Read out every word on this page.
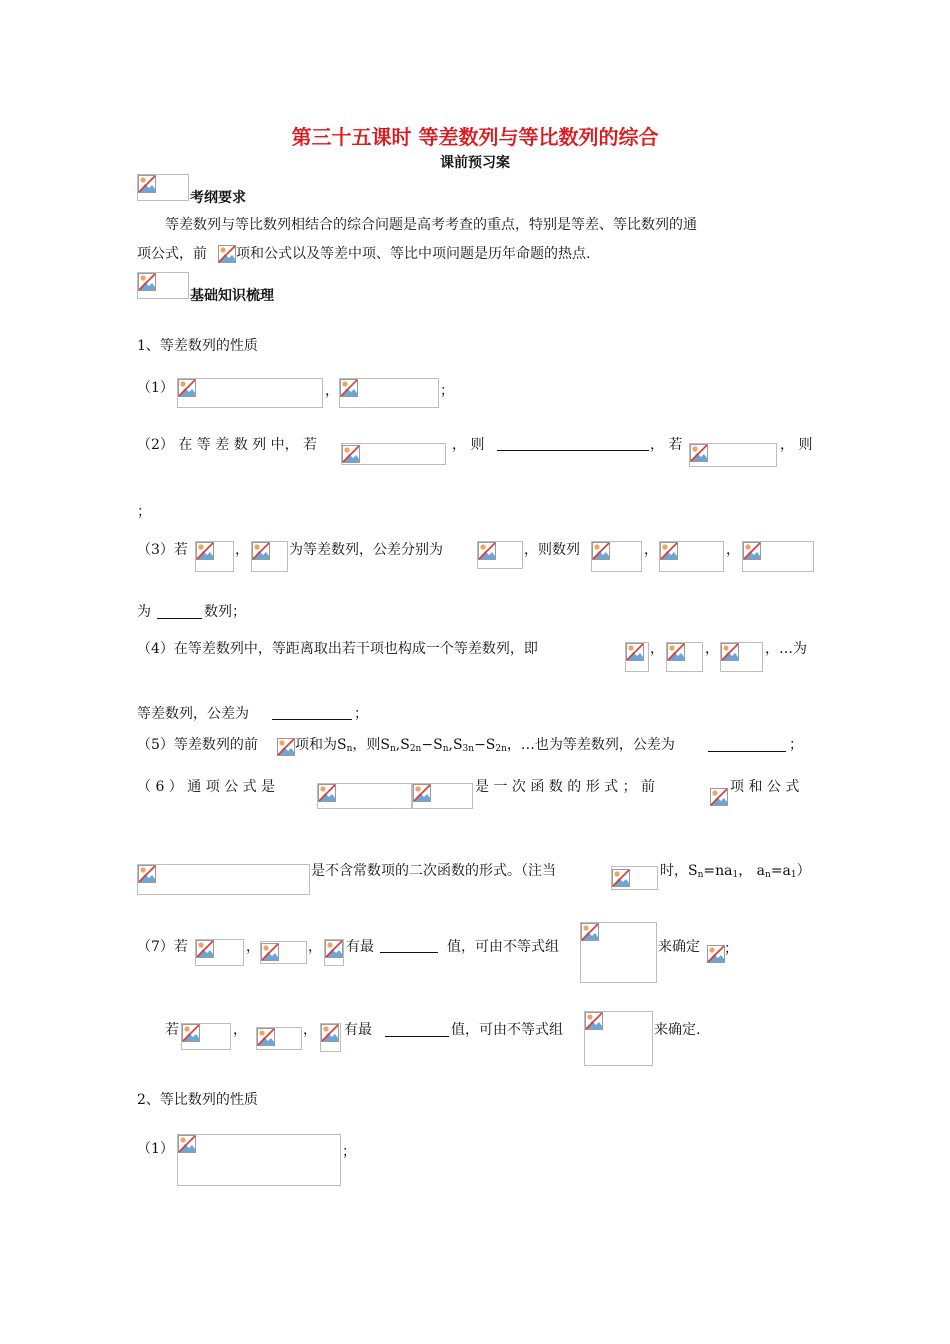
第三十五课时 等差数列与等比数列的综合
课前预习案
考纲要求
等差数列与等比数列相结合的综合问题是高考考查的重点，特别是等差、等比数列的通
项公式，前 项和公式以及等差中项、等比中项问题是历年命题的热点.
基础知识梳理
1、等差数列的性质
（1）	，	；
（2） 在 等 差 数 列 中， 若	， 则	， 若	， 则
；
（3）若	，	为等差数列，公差分别为	，则数列	，	，
为	数列；
（4）在等差数列中，等距离取出若干项也构成一个等差数列，即	，	，	，…为
等差数列，公差为	；
（5）等差数列的前	项和为$S_n$，则$S_n,S_{2n}-S_n,S_{3n}-S_{2n}$，…也为等差数列，公差为	；
（ 6 ） 通 项 公 式 是	是 一 次 函 数 的 形 式 ； 前	项 和 公 式
是不含常数项的二次函数的形式。（注当	时，$S_n=na_1$， $a_n=a_1$）
（7）若	，	， 有最	值，可由不等式组	来确定 ；
若	，	， 有最	值，可由不等式组	来确定.
2、等比数列的性质
（1）	；
